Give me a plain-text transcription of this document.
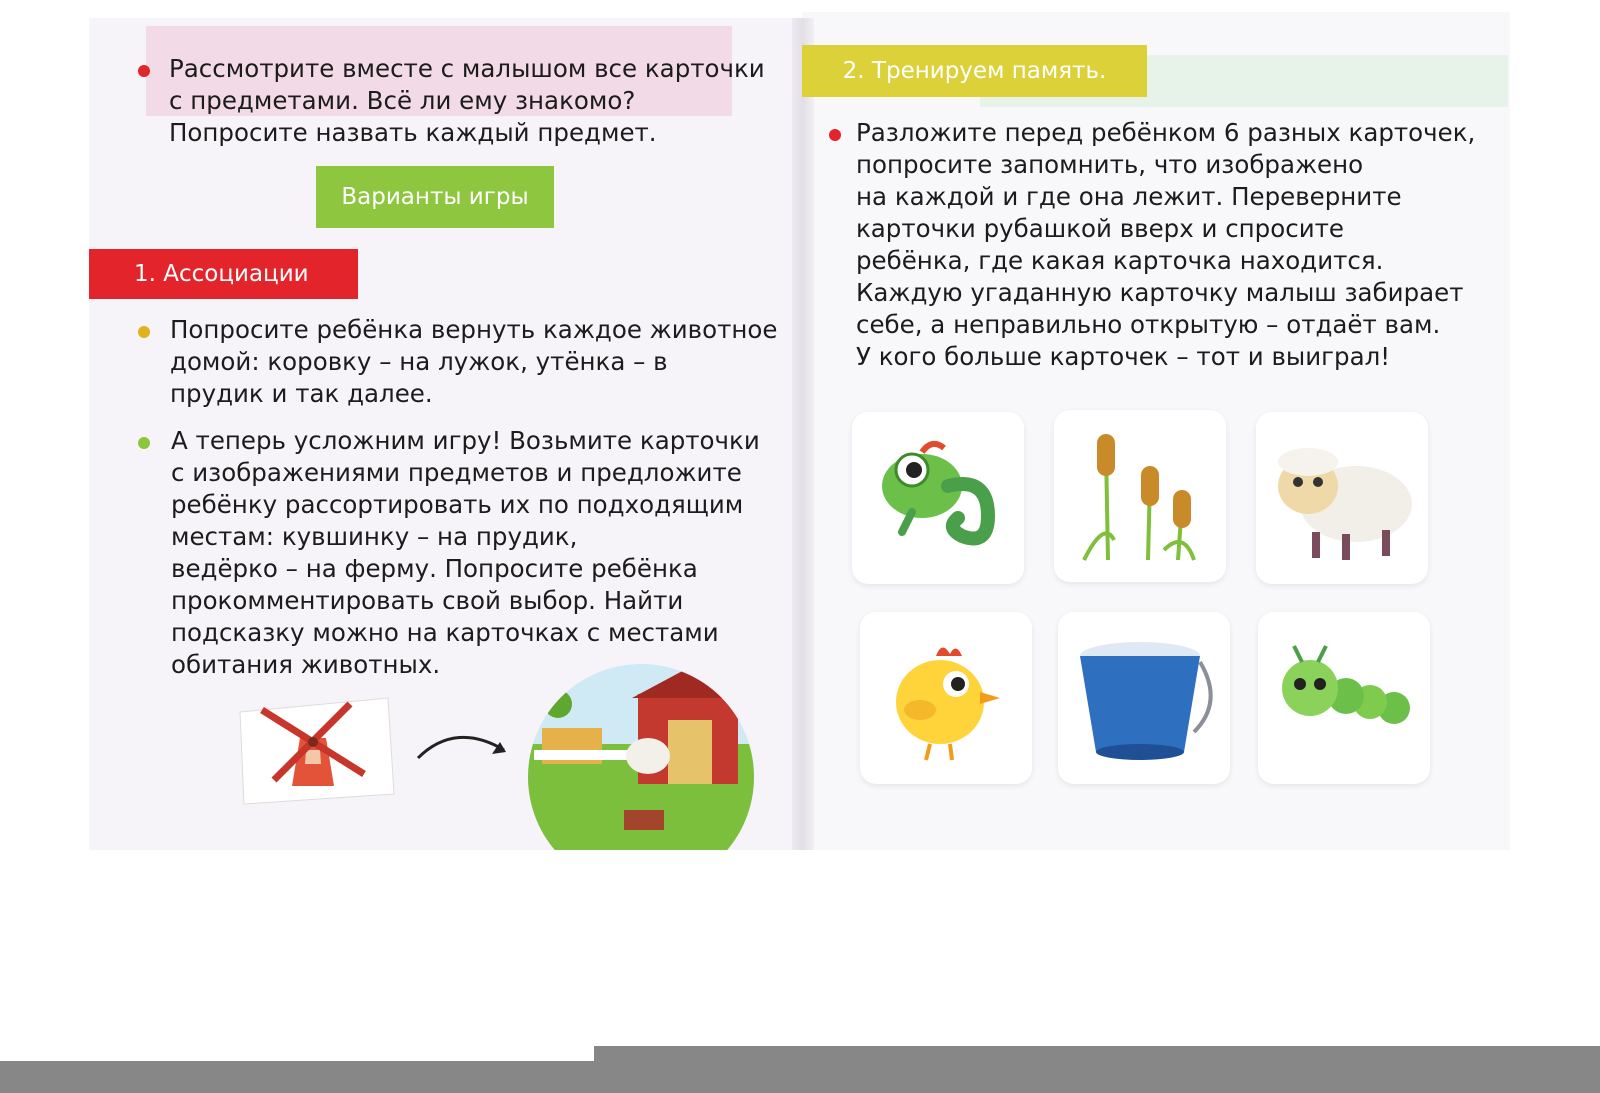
Рассмотрите вместе с малышом все карточки
с предметами. Всё ли ему знакомо?
Попросите назвать каждый предмет.
Варианты игры
1. Ассоциации
Попросите ребёнка вернуть каждое животное
домой: коровку – на лужок, утёнка – в
прудик и так далее.
А теперь усложним игру! Возьмите карточки
с изображениями предметов и предложите
ребёнку рассортировать их по подходящим
местам: кувшинку – на прудик,
ведёрко – на ферму. Попросите ребёнка
прокомментировать свой выбор. Найти
подсказку можно на карточках с местами
обитания животных.
2. Тренируем память.
Разложите перед ребёнком 6 разных карточек,
попросите запомнить, что изображено
на каждой и где она лежит. Переверните
карточки рубашкой вверх и спросите
ребёнка, где какая карточка находится.
Каждую угаданную карточку малыш забирает
себе, а неправильно открытую – отдаёт вам.
У кого больше карточек – тот и выиграл!
